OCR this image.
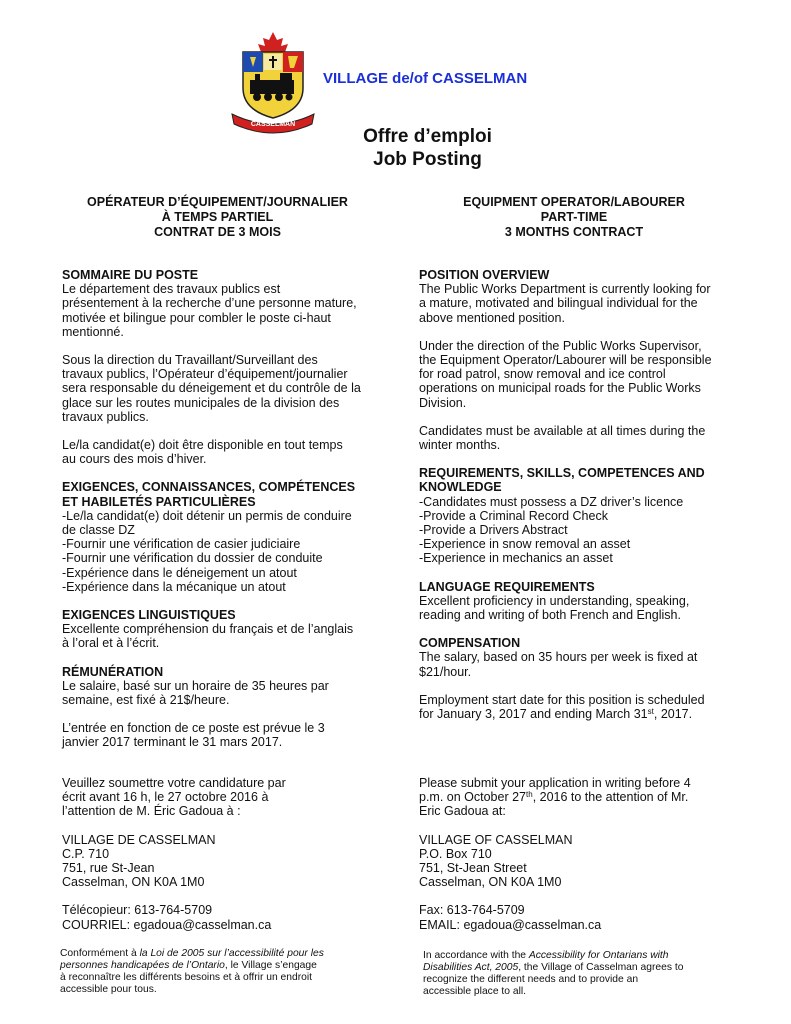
CASSELMAN
VILLAGE de/of CASSELMAN
Offre d’emploi
Job Posting
OPÉRATEUR D’ÉQUIPEMENT/JOURNALIER
À TEMPS PARTIEL
CONTRAT DE 3 MOIS
EQUIPMENT OPERATOR/LABOURER
PART-TIME
3 MONTHS CONTRACT

SOMMAIRE DU POSTE

Le département des travaux publics est

présentement à la recherche d’une personne mature,

motivée et bilingue pour combler le poste ci-haut

mentionné.

Sous la direction du Travaillant/Surveillant des

travaux publics, l’Opérateur d’équipement/journalier

sera responsable du déneigement et du contrôle de la

glace sur les routes municipales de la division des

travaux publics.

Le/la candidat(e) doit être disponible en tout temps

au cours des mois d’hiver.

EXIGENCES, CONNAISSANCES, COMPÉTENCES

ET HABILETÉS PARTICULIÈRES

-Le/la candidat(e) doit détenir un permis de conduire

de classe DZ

-Fournir une vérification de casier judiciaire

-Fournir une vérification du dossier de conduite

-Expérience dans le déneigement un atout

-Expérience dans la mécanique un atout

EXIGENCES LINGUISTIQUES

Excellente compréhension du français et de l’anglais

à l’oral et à l’écrit.

RÉMUNÉRATION

Le salaire, basé sur un horaire de 35 heures par

semaine, est fixé à 21$/heure.

L’entrée en fonction de ce poste est prévue le 3

janvier 2017 terminant le 31 mars 2017.

Veuillez soumettre votre candidature par

écrit avant 16 h, le 27 octobre 2016 à

l’attention de M. Éric Gadoua à :

VILLAGE DE CASSELMAN

C.P. 710

751, rue St-Jean

Casselman, ON K0A 1M0

Télécopieur: 613-764-5709

COURRIEL: egadoua@casselman.ca

Conformément à la Loi de 2005 sur l’accessibilité pour les

personnes handicapées de l’Ontario, le Village s’engage

à reconnaître les différents besoins et à offrir un endroit

accessible pour tous.

POSITION OVERVIEW

The Public Works Department is currently looking for

a mature, motivated and bilingual individual for the

above mentioned position.

Under the direction of the Public Works Supervisor,

the Equipment Operator/Labourer will be responsible

for road patrol, snow removal and ice control

operations on municipal roads for the Public Works

Division.

Candidates must be available at all times during the

winter months.

REQUIREMENTS, SKILLS, COMPETENCES AND

KNOWLEDGE

-Candidates must possess a DZ driver’s licence

-Provide a Criminal Record Check

-Provide a Drivers Abstract

-Experience in snow removal an asset

-Experience in mechanics an asset

LANGUAGE REQUIREMENTS

Excellent proficiency in understanding, speaking,

reading and writing of both French and English.

COMPENSATION

The salary, based on 35 hours per week is fixed at

$21/hour.

Employment start date for this position is scheduled

for January 3, 2017 and ending March 31st, 2017.

Please submit your application in writing before 4

p.m. on October 27th, 2016 to the attention of Mr.

Eric Gadoua at:

VILLAGE OF CASSELMAN

P.O. Box 710

751, St-Jean Street

Casselman, ON K0A 1M0

Fax: 613-764-5709

EMAIL: egadoua@casselman.ca

In accordance with the Accessibility for Ontarians with

Disabilities Act, 2005, the Village of Casselman agrees to

recognize the different needs and to provide an

accessible place to all.
